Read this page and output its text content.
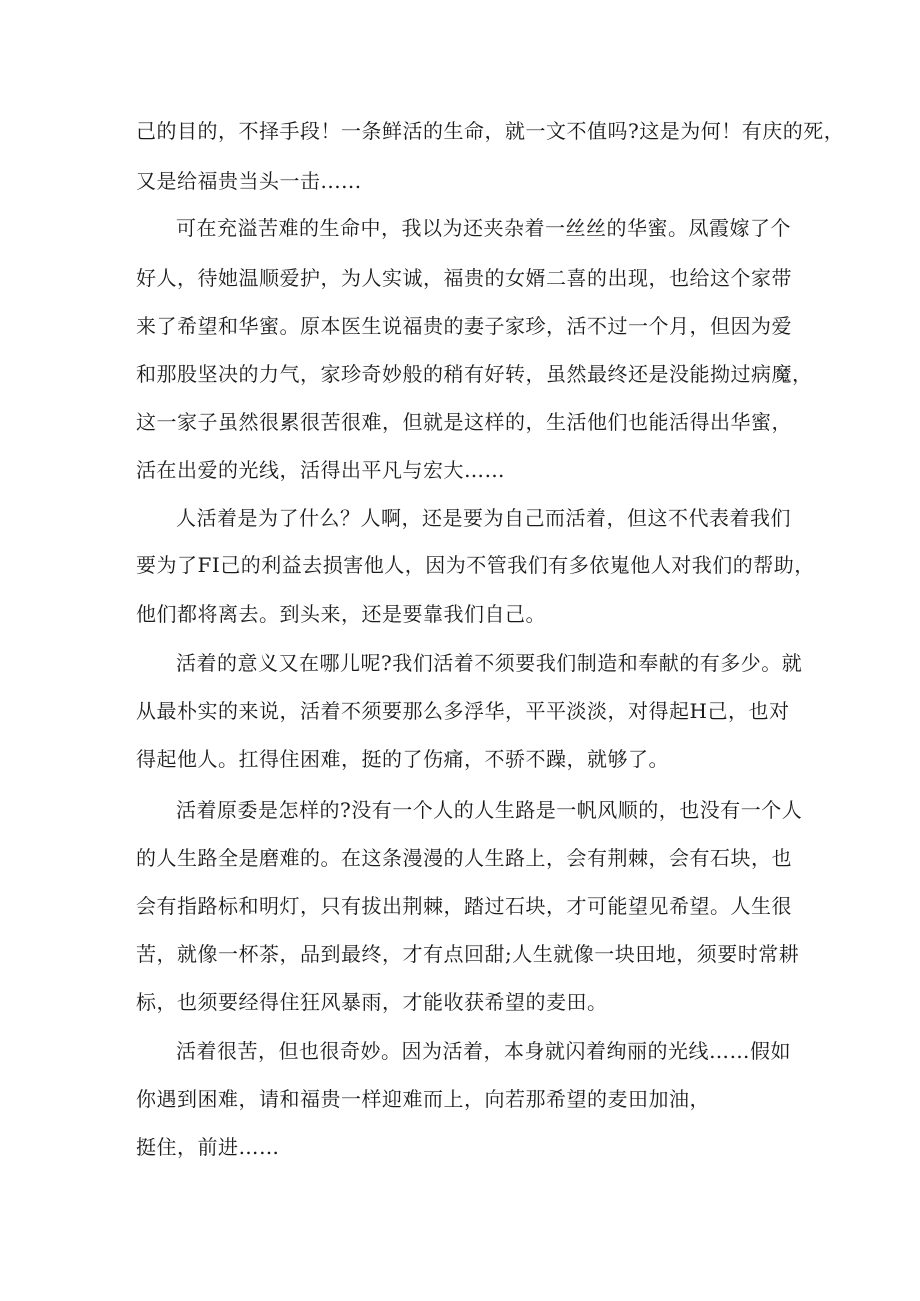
己的目的，不择手段！一条鲜活的生命，就一文不值吗?这是为何！有庆的死，
又是给福贵当头一击......
可在充溢苦难的生命中，我以为还夹杂着一丝丝的华蜜。凤霞嫁了个
好人，待她温顺爱护，为人实诚，福贵的女婿二喜的出现，也给这个家带
来了希望和华蜜。原本医生说福贵的妻子家珍，活不过一个月，但因为爱
和那股坚决的力气，家珍奇妙般的稍有好转，虽然最终还是没能拗过病魔，
这一家子虽然很累很苦很难，但就是这样的，生活他们也能活得出华蜜，
活在出爱的光线，活得出平凡与宏大……
人活着是为了什么？人啊，还是要为自己而活着，但这不代表着我们
要为了FI己的利益去损害他人，因为不管我们有多依嵬他人对我们的帮助，
他们都将离去。到头来，还是要靠我们自己。
活着的意义又在哪儿呢?我们活着不须要我们制造和奉献的有多少。就
从最朴实的来说，活着不须要那么多浮华，平平淡淡，对得起H己，也对
得起他人。扛得住困难，挺的了伤痛，不骄不躁，就够了。
活着原委是怎样的?没有一个人的人生路是一帆风顺的，也没有一个人
的人生路全是磨难的。在这条漫漫的人生路上，会有荆棘，会有石块，也
会有指路标和明灯，只有拔出荆棘，踏过石块，才可能望见希望。人生很
苦，就像一杯茶，品到最终，才有点回甜;人生就像一块田地，须要时常耕
标，也须要经得住狂风暴雨，才能收获希望的麦田。
活着很苦，但也很奇妙。因为活着，本身就闪着绚丽的光线……假如
你遇到困难，请和福贵一样迎难而上，向若那希望的麦田加油，
挺住，前进……
